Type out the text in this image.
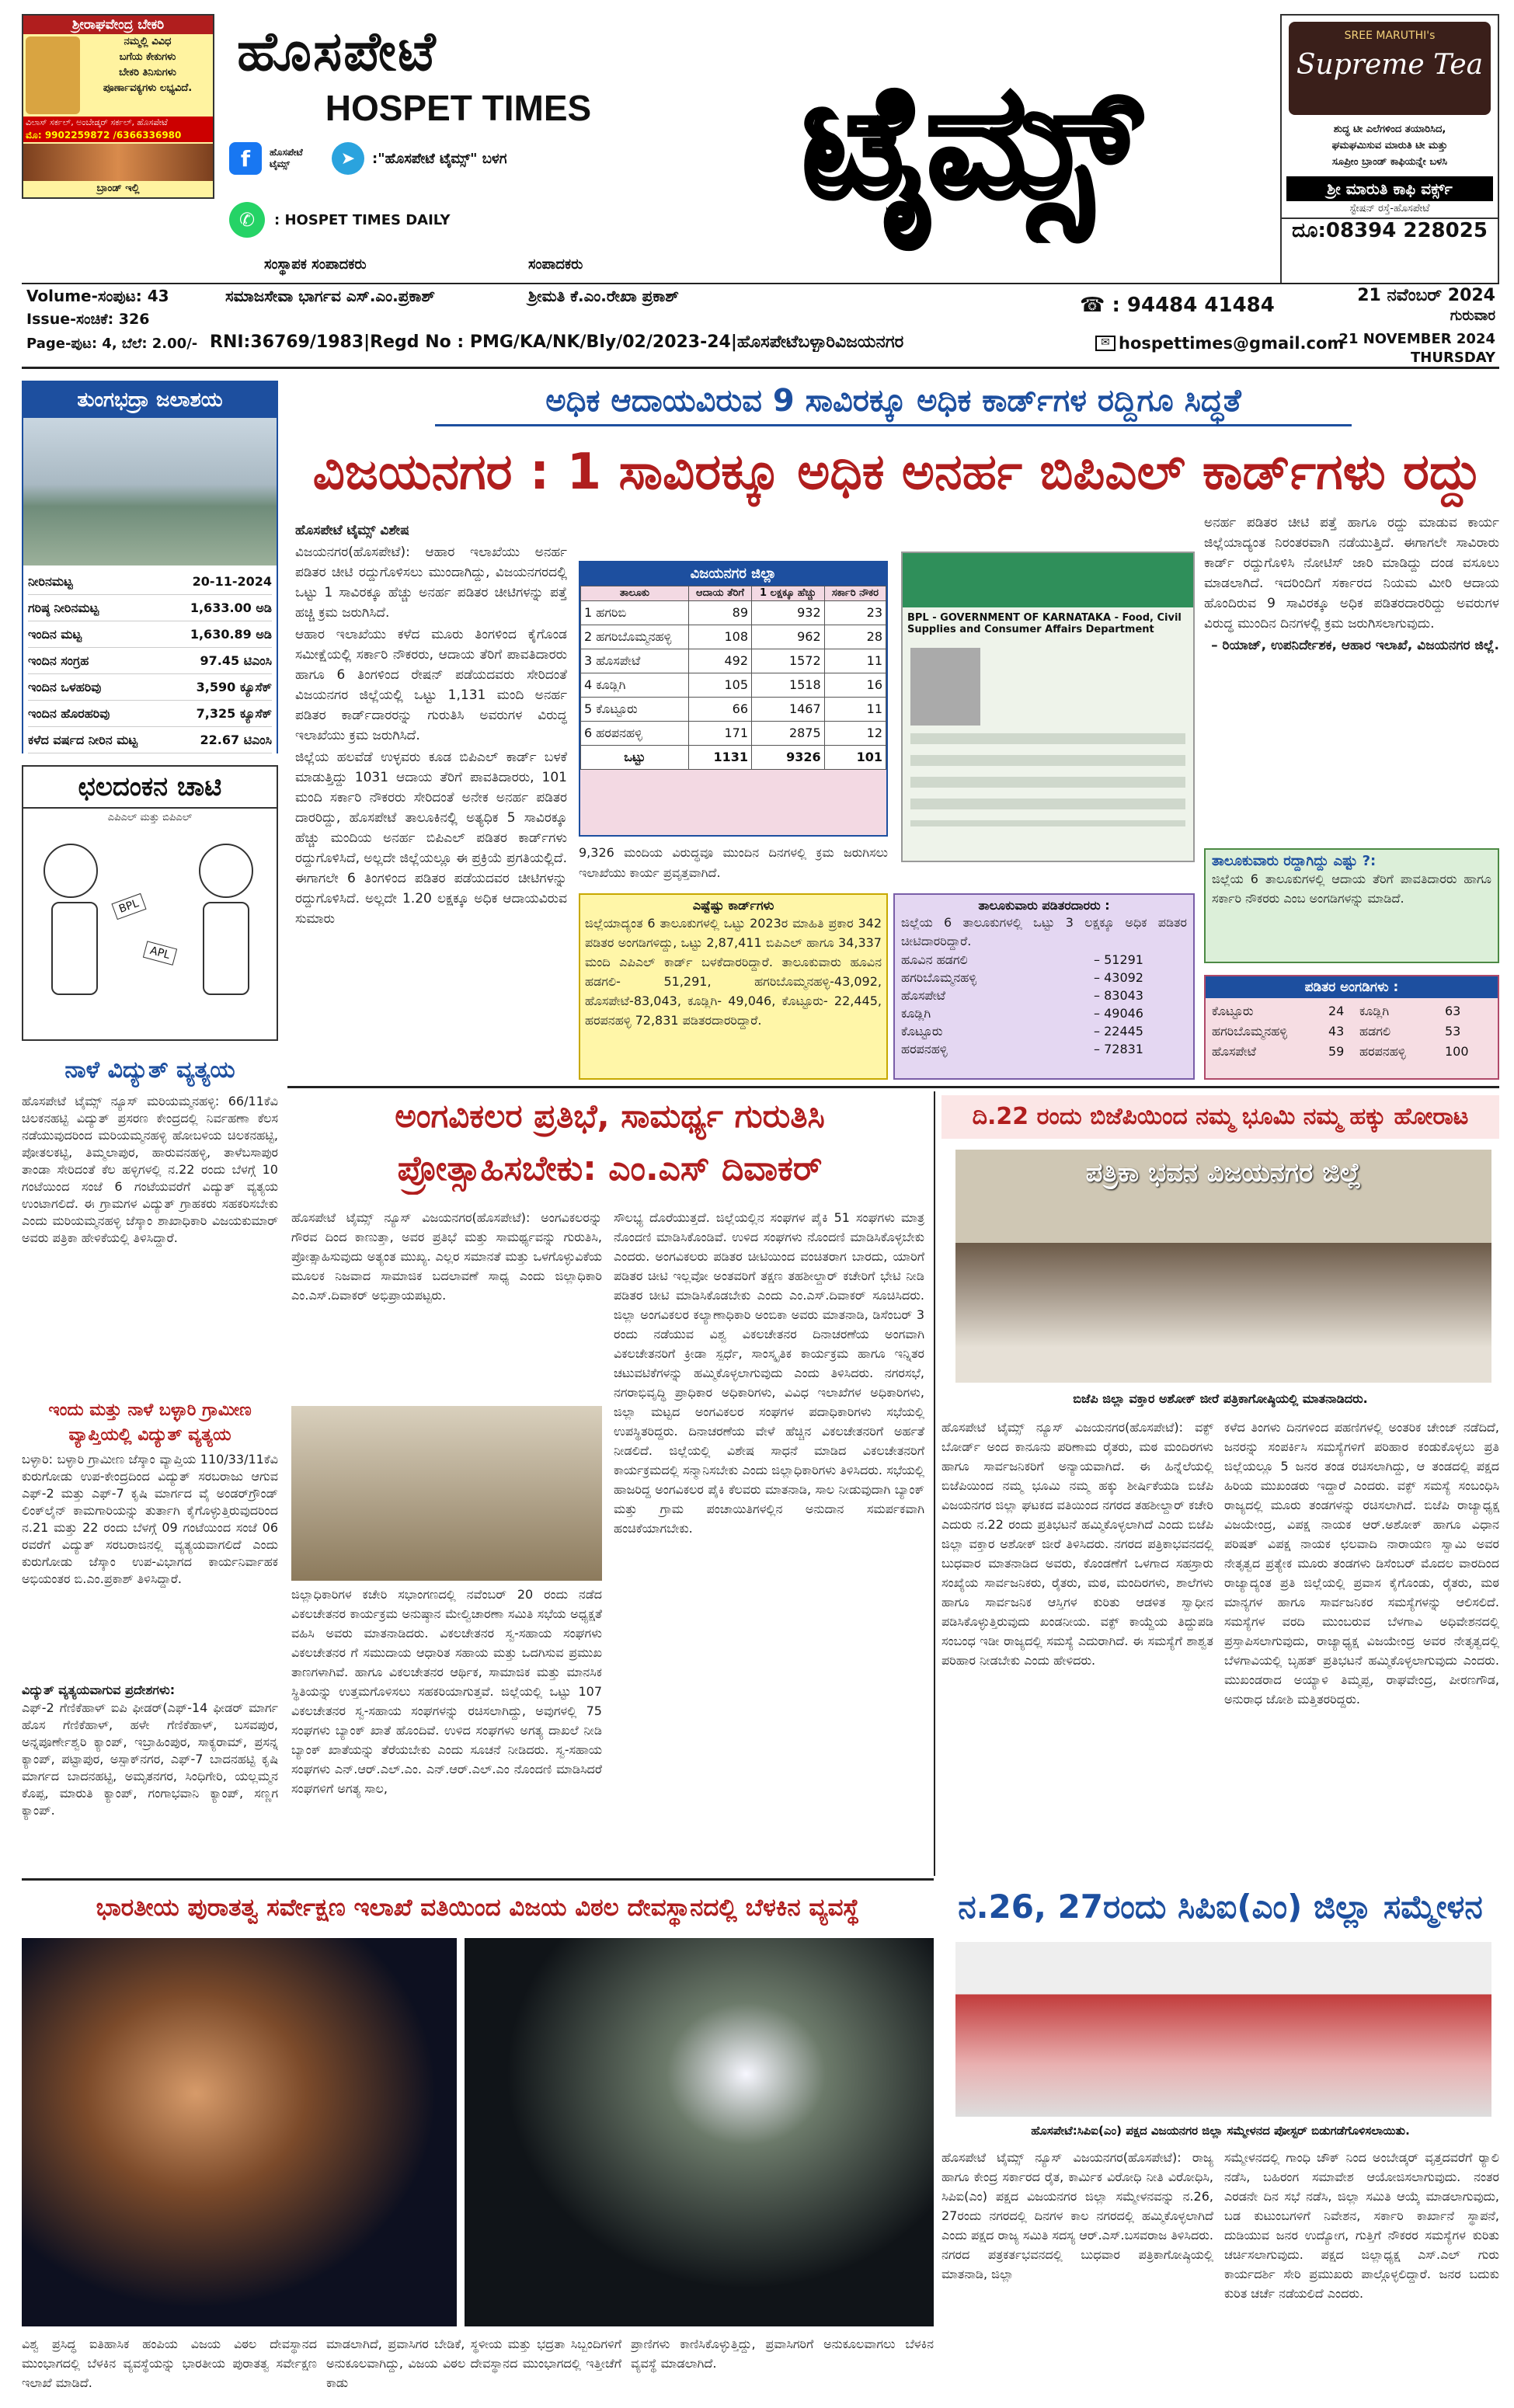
ಶ್ರೀರಾಘವೇಂದ್ರ ಬೇಕರಿ
ನಮ್ಮಲ್ಲಿ ವಿವಿಧ
ಬಗೆಯ ಕೇಕುಗಳು
ಬೇಕರಿ ತಿನಿಸುಗಳು
ಪೂರ್ಣಾವಕ್ಯಗಳು ಲಭ್ಯವಿದೆ.
ವಿಲಾಸ್‌ ಸರ್ಕಲ್, ಅಂಬೇಡ್ಕರ್ ಸರ್ಕಲ್, ಹೊಸಪೇಟೆ
ಮೊ: 9902259872 /6366336980
ಬ್ರಾಂಡ್ ಇಲ್ಲಿ
ಹೊಸಪೇಟೆ
HOSPET TIMES	ಟೈಮ್ಸ್
f	ಹೊಸಪೇಟೆ ಟೈಮ್ಸ್	➤	:"ಹೊಸಪೇಟೆ ಟೈಮ್ಸ್" ಬಳಗ
✆	: HOSPET TIMES DAILY
ಸಂಸ್ಥಾಪಕ ಸಂಪಾದಕರು	ಸಂಪಾದಕರು
SREE MARUTHI's
Supreme Tea
ಶುದ್ಧ ಟೀ ಎಲೆಗಳಿಂದ ತಯಾರಿಸಿದ,
ಘಮಘಮಿಸುವ ಮಾರುತಿ ಟೀ ಮತ್ತು
ಸೂಪ್ರೀಂ ಬ್ರಾಂಡ್ ಕಾಫಿಯನ್ನೇ ಬಳಸಿ
ಶ್ರೀ ಮಾರುತಿ ಕಾಫಿ ವರ್ಕ್ಸ್
ಸ್ಟೇಷನ್ ರಸ್ತೆ-ಹೊಸಪೇಟೆ
ದೂ:08394 228025
Volume-ಸಂಪುಟ: 43	ಸಮಾಜಸೇವಾ ಭಾರ್ಗವ ಎಸ್.ಎಂ.ಪ್ರಕಾಶ್	ಶ್ರೀಮತಿ ಕೆ.ಎಂ.ರೇಖಾ ಪ್ರಕಾಶ್
Issue-ಸಂಚಿಕೆ: 326
☎ : 94484 41484	21 ನವೆಂಬರ್ 2024
ಗುರುವಾರ
Page-ಪುಟ: 4, ಬೆಲೆ: 2.00/- RNI:36769/1983|Regd No : PMG/KA/NK/Bly/02/2023-24|ಹೊಸಪೇಟೆಬಳ್ಳಾರಿವಿಜಯನಗರ	✉ hospettimes@gmail.com
21 NOVEMBER 2024
THURSDAY
ತುಂಗಭದ್ರಾ ಜಲಾಶಯ
ನೀರಿನಮಟ್ಟ	20-11-2024
ಗರಿಷ್ಠ ನೀರಿನಮಟ್ಟ	1,633.00 ಅಡಿ
ಇಂದಿನ ಮಟ್ಟ	1,630.89 ಅಡಿ
ಇಂದಿನ ಸಂಗ್ರಹ	97.45 ಟಿಎಂಸಿ
ಇಂದಿನ ಒಳಹರಿವು	3,590 ಕ್ಯೂಸೆಕ್
ಇಂದಿನ ಹೊರಹರಿವು	7,325 ಕ್ಯೂಸೆಕ್
ಕಳೆದ ವರ್ಷದ ನೀರಿನ ಮಟ್ಟ	22.67 ಟಿಎಂಸಿ
ಛಲದಂಕನ ಚಾಟಿ
ಎಪಿಎಲ್ ಮತ್ತು ಬಿಪಿಎಲ್
BPL
APL
ನಾಳೆ ವಿದ್ಯುತ್ ವ್ಯತ್ಯಯ
ಹೊಸಪೇಟೆ ಟೈಮ್ಸ್ ನ್ಯೂಸ್ ಮರಿಯಮ್ಮನಹಳ್ಳಿ: 66/11ಕೆವಿ ಚಿಲಕನಹಟ್ಟಿ ವಿದ್ಯುತ್ ಪ್ರಸರಣ ಕೇಂದ್ರದಲ್ಲಿ ನಿರ್ವಹಣಾ ಕೆಲಸ ನಡೆಯುವುದರಿಂದ ಮರಿಯಮ್ಮನಹಳ್ಳಿ ಹೋಬಳಿಯ ಚಿಲಕನಹಟ್ಟಿ, ಪೋತಲಕಟ್ಟಿ, ತಿಮ್ಮಲಾಪುರ, ಹಾರುವನಹಳ್ಳಿ, ತಾಳೆಬಸಾಪುರ ತಾಂಡಾ ಸೇರಿದಂತೆ ಕೆಲ ಹಳ್ಳಿಗಳಲ್ಲಿ ನ.22 ರಂದು ಬೆಳಗ್ಗೆ 10 ಗಂಟೆಯಿಂದ ಸಂಜೆ 6 ಗಂಟೆಯವರೆಗೆ ವಿದ್ಯುತ್ ವ್ಯತ್ಯಯ ಉಂಟಾಗಲಿದೆ. ಈ ಗ್ರಾಮಗಳ ವಿದ್ಯುತ್ ಗ್ರಾಹಕರು ಸಹಕರಿಸಬೇಕು ಎಂದು ಮರಿಯಮ್ಮನಹಳ್ಳಿ ಜೆಸ್ಕಾಂ ಶಾಖಾಧಿಕಾರಿ ವಿಜಯಕುಮಾರ್ ಅವರು ಪತ್ರಿಕಾ ಹೇಳಿಕೆಯಲ್ಲಿ ತಿಳಿಸಿದ್ದಾರೆ.
ಇಂದು ಮತ್ತು ನಾಳೆ ಬಳ್ಳಾರಿ ಗ್ರಾಮೀಣ ವ್ಯಾಪ್ತಿಯಲ್ಲಿ ವಿದ್ಯುತ್ ವ್ಯತ್ಯಯ
ಬಳ್ಳಾರಿ: ಬಳ್ಳಾರಿ ಗ್ರಾಮೀಣ ಜೆಸ್ಕಾಂ ವ್ಯಾಪ್ತಿಯ 110/33/11ಕೆವಿ ಕುರುಗೋಡು ಉಪ-ಕೇಂದ್ರದಿಂದ ವಿದ್ಯುತ್ ಸರಬರಾಜು ಆಗುವ ಎಫ್-2 ಮತ್ತು ಎಫ್-7 ಕೃಷಿ ಮಾರ್ಗದ ವೈ ಅಂಡರ್‌ಗ್ರೌಂಡ್ ಲಿಂಕ್‌ಲೈನ್ ಕಾಮಗಾರಿಯನ್ನು ತುರ್ತಾಗಿ ಕೈಗೊಳ್ಳುತ್ತಿರುವುದರಿಂದ ನ.21 ಮತ್ತು 22 ರಂದು ಬೆಳಗ್ಗೆ 09 ಗಂಟೆಯಿಂದ ಸಂಜೆ 06 ರವರೆಗೆ ವಿದ್ಯುತ್ ಸರಬರಾಜಿನಲ್ಲಿ ವ್ಯತ್ಯಯವಾಗಲಿದೆ ಎಂದು ಕುರುಗೋಡು ಜೆಸ್ಕಾಂ ಉಪ-ವಿಭಾಗದ ಕಾರ್ಯನಿರ್ವಾಹಕ ಅಭಿಯಂತರ ಬಿ.ಎಂ.ಪ್ರಕಾಶ್ ತಿಳಿಸಿದ್ದಾರೆ.
ವಿದ್ಯುತ್ ವ್ಯತ್ಯಯವಾಗುವ ಪ್ರದೇಶಗಳು:
ಎಫ್-2 ಗೆಣಿಕೆಹಾಳ್ ಐಪಿ ಫೀಡರ್(ಎಫ್-14 ಫೀಡರ್ ಮಾರ್ಗ ಹೊಸ ಗೆಣಿಕೆಹಾಳ್, ಹಳೇ ಗೆಣಿಕೆಹಾಳ್, ಬಸವಪುರ, ಅನ್ನಪೂರ್ಣೇಶ್ವರಿ ಕ್ಯಾಂಪ್, ಇಬ್ರಾಹಿಂಪುರ, ಸಾಕ್ಯರಾಮ್, ಪ್ರಸನ್ನ ಕ್ಯಾಂಪ್, ಪಟ್ಟಾಪುರ, ಅಸ್ಪಾಕ್‌ನಗರ, ಎಫ್-7 ಬಾದನಹಟ್ಟಿ ಕೃಷಿ ಮಾರ್ಗದ ಬಾದನಹಟ್ಟಿ, ಅಮೃತನಗರ, ಸಿಂಧಿಗೇರಿ, ಯಲ್ಲಮ್ಮನ ಕೊಪ್ಪ, ಮಾರುತಿ ಕ್ಯಾಂಪ್, ಗಂಗಾಭವಾನಿ ಕ್ಯಾಂಪ್, ಸಣ್ಣಗ ಕ್ಯಾಂಪ್.
ಅಧಿಕ ಆದಾಯವಿರುವ 9 ಸಾವಿರಕ್ಕೂ ಅಧಿಕ ಕಾರ್ಡ್‌ಗಳ ರದ್ದಿಗೂ ಸಿದ್ಧತೆ
ವಿಜಯನಗರ : 1 ಸಾವಿರಕ್ಕೂ ಅಧಿಕ ಅನರ್ಹ ಬಿಪಿಎಲ್ ಕಾರ್ಡ್‌ಗಳು ರದ್ದು

ಹೊಸಪೇಟೆ ಟೈಮ್ಸ್ ವಿಶೇಷ

ವಿಜಯನಗರ(ಹೊಸಪೇಟೆ): ಆಹಾರ ಇಲಾಖೆಯು ಅನರ್ಹ ಪಡಿತರ ಚೀಟಿ ರದ್ದುಗೊಳಿಸಲು ಮುಂದಾಗಿದ್ದು, ವಿಜಯನಗರದಲ್ಲಿ ಒಟ್ಟು 1 ಸಾವಿರಕ್ಕೂ ಹೆಚ್ಚು ಅನರ್ಹ ಪಡಿತರ ಚೀಟಿಗಳನ್ನು ಪತ್ತೆ ಹಚ್ಚಿ ಕ್ರಮ ಜರುಗಿಸಿದೆ.

ಆಹಾರ ಇಲಾಖೆಯು ಕಳೆದ ಮೂರು ತಿಂಗಳಿಂದ ಕೈಗೊಂಡ ಸಮೀಕ್ಷೆಯಲ್ಲಿ ಸರ್ಕಾರಿ ನೌಕರರು, ಆದಾಯ ತೆರಿಗೆ ಪಾವತಿದಾರರು ಹಾಗೂ 6 ತಿಂಗಳಿಂದ ರೇಷನ್ ಪಡೆಯದವರು ಸೇರಿದಂತೆ ವಿಜಯನಗರ ಜಿಲ್ಲೆಯಲ್ಲಿ ಒಟ್ಟು 1,131 ಮಂದಿ ಅನರ್ಹ ಪಡಿತರ ಕಾರ್ಡ್‌ದಾರರನ್ನು ಗುರುತಿಸಿ ಅವರುಗಳ ವಿರುದ್ಧ ಇಲಾಖೆಯು ಕ್ರಮ ಜರುಗಿಸಿದೆ.

ಜಿಲ್ಲೆಯ ಹಲವೆಡೆ ಉಳ್ಳವರು ಕೂಡ ಬಿಪಿಎಲ್ ಕಾರ್ಡ್ ಬಳಕೆ ಮಾಡುತ್ತಿದ್ದು 1031 ಆದಾಯ ತೆರಿಗೆ ಪಾವತಿದಾರರು, 101 ಮಂದಿ ಸರ್ಕಾರಿ ನೌಕರರು ಸೇರಿದಂತೆ ಅನೇಕ ಅನರ್ಹ ಪಡಿತರ ದಾರರಿದ್ದು, ಹೊಸಪೇಟೆ ತಾಲೂಕಿನಲ್ಲಿ ಅತ್ಯಧಿಕ 5 ಸಾವಿರಕ್ಕೂ ಹೆಚ್ಚು ಮಂದಿಯ ಅನರ್ಹ ಬಿಪಿಎಲ್ ಪಡಿತರ ಕಾರ್ಡ್‌ಗಳು ರದ್ದುಗೊಳಿಸಿದೆ, ಅಲ್ಲದೇ ಜಿಲ್ಲೆಯಲ್ಲೂ ಈ ಪ್ರಕ್ರಿಯೆ ಪ್ರಗತಿಯಲ್ಲಿದೆ. ಈಗಾಗಲೇ 6 ತಿಂಗಳಿಂದ ಪಡಿತರ ಪಡೆಯದವರ ಚೀಟಿಗಳನ್ನು ರದ್ದುಗೊಳಿಸಿದೆ. ಅಲ್ಲದೇ 1.20 ಲಕ್ಷಕ್ಕೂ ಅಧಿಕ ಆದಾಯವಿರುವ ಸುಮಾರು

ವಿಜಯನಗರ ಜಿಲ್ಲಾ
ತಾಲೂಕು	ಆದಾಯ ತೆರಿಗೆ	1 ಲಕ್ಷಕ್ಕೂ ಹೆಚ್ಚು	ಸರ್ಕಾರಿ ನೌಕರ
1 ಹಗರಿಬಿ	89	932	23
2 ಹಗರಿಬೊಮ್ಮನಹಳ್ಳಿ	108	962	28
3 ಹೊಸಪೇಟೆ	492	1572	11
4 ಕೂಡ್ಲಿಗಿ	105	1518	16
5 ಕೊಟ್ಟೂರು	66	1467	11
6 ಹರಪನಹಳ್ಳಿ	171	2875	12
ಒಟ್ಟು	1131	9326	101
9,326 ಮಂದಿಯ ವಿರುದ್ಧವೂ ಮುಂದಿನ ದಿನಗಳಲ್ಲಿ ಕ್ರಮ ಜರುಗಿಸಲು ಇಲಾಖೆಯು ಕಾರ್ಯ ಪ್ರವೃತ್ತವಾಗಿದೆ.
BPL - GOVERNMENT OF KARNATAKA - Food, Civil Supplies and Consumer Affairs Department

ಅನರ್ಹ ಪಡಿತರ ಚೀಟಿ ಪತ್ತೆ ಹಾಗೂ ರದ್ದು ಮಾಡುವ ಕಾರ್ಯ ಜಿಲ್ಲೆಯಾದ್ಯಂತ ನಿರಂತರವಾಗಿ ನಡೆಯುತ್ತಿದೆ. ಈಗಾಗಲೇ ಸಾವಿರಾರು ಕಾರ್ಡ್ ರದ್ದುಗೊಳಿಸಿ ನೋಟಿಸ್ ಜಾರಿ ಮಾಡಿದ್ದು ದಂಡ ವಸೂಲು ಮಾಡಲಾಗಿದೆ. ಇದರಿಂದಿಗೆ ಸರ್ಕಾರದ ನಿಯಮ ಮೀರಿ ಆದಾಯ ಹೊಂದಿರುವ 9 ಸಾವಿರಕ್ಕೂ ಅಧಿಕ ಪಡಿತರದಾರರಿದ್ದು ಅವರುಗಳ ವಿರುದ್ಧ ಮುಂದಿನ ದಿನಗಳಲ್ಲಿ ಕ್ರಮ ಜರುಗಿಸಲಾಗುವುದು.

– ರಿಯಾಜ್, ಉಪನಿರ್ದೇಶಕ, ಆಹಾರ ಇಲಾಖೆ, ವಿಜಯನಗರ ಜಿಲ್ಲೆ.

ಎಷ್ಟೆಷ್ಟು ಕಾರ್ಡ್‌ಗಳು
ಜಿಲ್ಲೆಯಾದ್ಯಂತ 6 ತಾಲೂಕುಗಳಲ್ಲಿ ಒಟ್ಟು 2023ರ ಮಾಹಿತಿ ಪ್ರಕಾರ 342 ಪಡಿತರ ಅಂಗಡಿಗಳಿದ್ದು, ಒಟ್ಟು 2,87,411 ಬಿಪಿಎಲ್ ಹಾಗೂ 34,337 ಮಂದಿ ಎಪಿಎಲ್ ಕಾರ್ಡ್ ಬಳಕೆದಾರರಿದ್ದಾರೆ. ತಾಲೂಕುವಾರು ಹೂವಿನ ಹಡಗಲಿ- 51,291, ಹಗರಿಬೊಮ್ಮನಹಳ್ಳಿ-43,092, ಹೊಸಪೇಟೆ-83,043, ಕೂಡ್ಲಿಗಿ- 49,046, ಕೊಟ್ಟೂರು- 22,445, ಹರಪನಹಳ್ಳಿ 72,831 ಪಡಿತರದಾರರಿದ್ದಾರೆ.
ತಾಲೂಕುವಾರು ಪಡಿತರದಾರರು :
ಜಿಲ್ಲೆಯ 6 ತಾಲೂಕುಗಳಲ್ಲಿ ಒಟ್ಟು 3 ಲಕ್ಷಕ್ಕೂ ಅಧಿಕ ಪಡಿತರ ಚೀಟಿದಾರರಿದ್ದಾರೆ.
ಹೂವಿನ ಹಡಗಲಿ	– 51291
ಹಗರಿಬೊಮ್ಮನಹಳ್ಳಿ	– 43092
ಹೊಸಪೇಟೆ	– 83043
ಕೂಡ್ಲಿಗಿ	– 49046
ಕೊಟ್ಟೂರು	– 22445
ಹರಪನಹಳ್ಳಿ	– 72831
ತಾಲೂಕುವಾರು ರದ್ದಾಗಿದ್ದು ಎಷ್ಟು ?:
ಜಿಲ್ಲೆಯ 6 ತಾಲೂಕುಗಳಲ್ಲಿ ಆದಾಯ ತೆರಿಗೆ ಪಾವತಿದಾರರು ಹಾಗೂ ಸರ್ಕಾರಿ ನೌಕರರು ಎಂಬ ಅಂಗಡಿಗಳನ್ನು ಮಾಡಿದೆ.
ಪಡಿತರ ಅಂಗಡಿಗಳು :
ಕೊಟ್ಟೂರು	24	ಕೂಡ್ಲಿಗಿ	63
ಹಗರಿಬೊಮ್ಮನಹಳ್ಳಿ	43	ಹಡಗಲಿ	53
ಹೊಸಪೇಟೆ	59	ಹರಪನಹಳ್ಳಿ	100
ಅಂಗವಿಕಲರ ಪ್ರತಿಭೆ, ಸಾಮರ್ಥ್ಯ ಗುರುತಿಸಿ
ಪ್ರೋತ್ಸಾಹಿಸಬೇಕು: ಎಂ.ಎಸ್ ದಿವಾಕರ್
ಹೊಸಪೇಟೆ ಟೈಮ್ಸ್ ನ್ಯೂಸ್ ವಿಜಯನಗರ(ಹೊಸಪೇಟೆ): ಅಂಗವಿಕಲರನ್ನು ಗೌರವ ದಿಂದ ಕಾಣುತ್ತಾ, ಅವರ ಪ್ರತಿಭೆ ಮತ್ತು ಸಾಮರ್ಥ್ಯವನ್ನು ಗುರುತಿಸಿ, ಪ್ರೋತ್ಸಾಹಿಸುವುದು ಅತ್ಯಂತ ಮುಖ್ಯ. ಎಲ್ಲರ ಸಮಾನತೆ ಮತ್ತು ಒಳಗೊಳ್ಳುವಿಕೆಯ ಮೂಲಕ ನಿಜವಾದ ಸಾಮಾಜಿಕ ಬದಲಾವಣೆ ಸಾಧ್ಯ ಎಂದು ಜಿಲ್ಲಾಧಿಕಾರಿ ಎಂ.ಎಸ್.ದಿವಾಕರ್ ಅಭಿಪ್ರಾಯಪಟ್ಟರು.
ಜಿಲ್ಲಾಧಿಕಾರಿಗಳ ಕಚೇರಿ ಸಭಾಂಗಣದಲ್ಲಿ ನವೆಂಬರ್ 20 ರಂದು ನಡೆದ ವಿಕಲಚೇತನರ ಕಾರ್ಯಕ್ರಮ ಅನುಷ್ಠಾನ ಮೇಲ್ವಿಚಾರಣಾ ಸಮಿತಿ ಸಭೆಯ ಅಧ್ಯಕ್ಷತೆ ವಹಿಸಿ ಅವರು ಮಾತನಾಡಿದರು. ವಿಕಲಚೇತನರ ಸ್ವ-ಸಹಾಯ ಸಂಘಗಳು ವಿಕಲಚೇತನರ ಗೆ ಸಮುದಾಯ ಆಧಾರಿತ ಸಹಾಯ ಮತ್ತು ಒದಗಿಸುವ ಪ್ರಮುಖ ತಾಣಗಳಾಗಿವೆ. ಹಾಗೂ ವಿಕಲಚೇತನರ ಆರ್ಥಿಕ, ಸಾಮಾಜಿಕ ಮತ್ತು ಮಾನಸಿಕ ಸ್ಥಿತಿಯನ್ನು ಉತ್ತಮಗೊಳಿಸಲು ಸಹಕರಿಯಾಗುತ್ತವೆ. ಜಿಲ್ಲೆಯಲ್ಲಿ ಒಟ್ಟು 107 ವಿಕಲಚೇತನರ ಸ್ವ-ಸಹಾಯ ಸಂಘಗಳನ್ನು ರಚಿಸಲಾಗಿದ್ದು, ಅವುಗಳಲ್ಲಿ 75 ಸಂಘಗಳು ಬ್ಯಾಂಕ್ ಖಾತೆ ಹೊಂದಿವೆ. ಉಳಿದ ಸಂಘಗಳು ಅಗತ್ಯ ದಾಖಲೆ ನೀಡಿ ಬ್ಯಾಂಕ್ ಖಾತೆಯನ್ನು ತೆರೆಯಬೇಕು ಎಂದು ಸೂಚನೆ ನೀಡಿದರು. ಸ್ವ-ಸಹಾಯ ಸಂಘಗಳು ಎನ್.ಆರ್.ಎಲ್.ಎಂ. ಎನ್.ಆರ್.ಎಲ್.ಎಂ ನೊಂದಣಿ ಮಾಡಿಸಿದರೆ ಸಂಘಗಳಿಗೆ ಅಗತ್ಯ ಸಾಲ,
ಸೌಲಭ್ಯ ದೊರೆಯುತ್ತದೆ. ಜಿಲ್ಲೆಯಲ್ಲಿನ ಸಂಘಗಳ ಪೈಕಿ 51 ಸಂಘಗಳು ಮಾತ್ರ ನೊಂದಣಿ ಮಾಡಿಸಿಕೊಂಡಿವೆ. ಉಳಿದ ಸಂಘಗಳು ನೊಂದಣಿ ಮಾಡಿಸಿಕೊಳ್ಳಬೇಕು ಎಂದರು. ಅಂಗವಿಕಲರು ಪಡಿತರ ಚೀಟಿಯಿಂದ ವಂಚಿತರಾಗ ಬಾರದು, ಯಾರಿಗೆ ಪಡಿತರ ಚೀಟಿ ಇಲ್ಲವೋ ಅಂತವರಿಗೆ ತಕ್ಷಣ ತಹಶೀಲ್ದಾರ್ ಕಚೇರಿಗೆ ಭೇಟಿ ನೀಡಿ ಪಡಿತರ ಚೀಟಿ ಮಾಡಿಸಿಕೊಡಬೇಕು ಎಂದು ಎಂ.ಎಸ್.ದಿವಾಕರ್ ಸೂಚಿಸಿದರು. ಜಿಲ್ಲಾ ಅಂಗವಿಕಲರ ಕಲ್ಯಾಣಾಧಿಕಾರಿ ಅಂಬಿಕಾ ಅವರು ಮಾತನಾಡಿ, ಡಿಸೆಂಬರ್ 3 ರಂದು ನಡೆಯುವ ವಿಶ್ವ ವಿಕಲಚೇತನರ ದಿನಾಚರಣೆಯ ಅಂಗವಾಗಿ ವಿಕಲಚೇತನರಿಗೆ ಕ್ರೀಡಾ ಸ್ಪರ್ಧೆ, ಸಾಂಸ್ಕೃತಿಕ ಕಾರ್ಯಕ್ರಮ ಹಾಗೂ ಇನ್ನಿತರ ಚಟುವಟಿಕೆಗಳನ್ನು ಹಮ್ಮಿಕೊಳ್ಳಲಾಗುವುದು ಎಂದು ತಿಳಿಸಿದರು. ನಗರಸಭೆ, ನಗರಾಭಿವೃದ್ಧಿ ಪ್ರಾಧಿಕಾರ ಅಧಿಕಾರಿಗಳು, ವಿವಿಧ ಇಲಾಖೆಗಳ ಅಧಿಕಾರಿಗಳು, ಜಿಲ್ಲಾ ಮಟ್ಟದ ಅಂಗವಿಕಲರ ಸಂಘಗಳ ಪದಾಧಿಕಾರಿಗಳು ಸಭೆಯಲ್ಲಿ ಉಪಸ್ಥಿತರಿದ್ದರು. ದಿನಾಚರಣೆಯ ವೇಳೆ ಹೆಚ್ಚಿನ ವಿಕಲಚೇತನರಿಗೆ ಅರ್ಹತೆ ನೀಡಲಿದೆ. ಜಿಲ್ಲೆಯಲ್ಲಿ ವಿಶೇಷ ಸಾಧನೆ ಮಾಡಿದ ವಿಕಲಚೇತನರಿಗೆ ಕಾರ್ಯಕ್ರಮದಲ್ಲಿ ಸನ್ಮಾನಿಸಬೇಕು ಎಂದು ಜಿಲ್ಲಾಧಿಕಾರಿಗಳು ತಿಳಿಸಿದರು. ಸಭೆಯಲ್ಲಿ ಹಾಜರಿದ್ದ ಅಂಗವಿಕಲರ ಪೈಕಿ ಕೆಲವರು ಮಾತನಾಡಿ, ಸಾಲ ನೀಡುವುದಾಗಿ ಬ್ಯಾಂಕ್ ಮತ್ತು ಗ್ರಾಮ ಪಂಚಾಯಿತಿಗಳಲ್ಲಿನ ಅನುದಾನ ಸಮರ್ಪಕವಾಗಿ ಹಂಚಿಕೆಯಾಗಬೇಕು.
ದಿ.22 ರಂದು ಬಿಜೆಪಿಯಿಂದ ನಮ್ಮ ಭೂಮಿ ನಮ್ಮ ಹಕ್ಕು ಹೋರಾಟ
ಪತ್ರಿಕಾ ಭವನ ವಿಜಯನಗರ ಜಿಲ್ಲೆ
ಬಿಜೆಪಿ ಜಿಲ್ಲಾ ವಕ್ತಾರ ಅಶೋಕ್ ಜೀರೆ ಪತ್ರಿಕಾಗೋಷ್ಠಿಯಲ್ಲಿ ಮಾತನಾಡಿದರು.
ಹೊಸಪೇಟೆ ಟೈಮ್ಸ್ ನ್ಯೂಸ್ ವಿಜಯನಗರ(ಹೊಸಪೇಟೆ): ವಕ್ಫ್ ಬೋರ್ಡ್ ಅಂದ ಕಾನೂನು ಪರಿಣಾಮ ರೈತರು, ಮಠ ಮಂದಿರಗಳು ಹಾಗೂ ಸಾರ್ವಜನಿಕರಿಗೆ ಅನ್ಯಾಯವಾಗಿದೆ. ಈ ಹಿನ್ನೆಲೆಯಲ್ಲಿ ಬಿಜೆಪಿಯಿಂದ ನಮ್ಮ ಭೂಮಿ ನಮ್ಮ ಹಕ್ಕು ಶೀರ್ಷಿಕೆಯಡಿ ಬಿಜೆಪಿ ವಿಜಯನಗರ ಜಿಲ್ಲಾ ಘಟಕದ ವತಿಯಿಂದ ನಗರದ ತಹಶೀಲ್ದಾರ್ ಕಚೇರಿ ಎದುರು ನ.22 ರಂದು ಪ್ರತಿಭಟನೆ ಹಮ್ಮಿಕೊಳ್ಳಲಾಗಿದೆ ಎಂದು ಬಿಜೆಪಿ ಜಿಲ್ಲಾ ವಕ್ತಾರ ಅಶೋಕ್ ಜೀರೆ ತಿಳಿಸಿದರು. ನಗರದ ಪತ್ರಿಕಾಭವನದಲ್ಲಿ ಬುಧವಾರ ಮಾತನಾಡಿದ ಅವರು, ಕೊಂಡಣೆಗೆ ಒಳಗಾದ ಸಹಸ್ರಾರು ಸಂಖ್ಯೆಯ ಸಾರ್ವಜನಿಕರು, ರೈತರು, ಮಠ, ಮಂದಿರಗಳು, ಶಾಲೆಗಳು ಹಾಗೂ ಸಾರ್ವಜನಿಕ ಆಸ್ತಿಗಳ ಕುರಿತು ಆಡಳಿತ ಸ್ವಾಧೀನ ಪಡಿಸಿಕೊಳ್ಳುತ್ತಿರುವುದು ಖಂಡನೀಯ. ವಕ್ಫ್ ಕಾಯ್ದೆಯ ತಿದ್ದುಪಡಿ ಸಂಬಂಧ ಇಡೀ ರಾಜ್ಯದಲ್ಲಿ ಸಮಸ್ಯೆ ಎದುರಾಗಿದೆ. ಈ ಸಮಸ್ಯೆಗೆ ಶಾಶ್ವತ ಪರಿಹಾರ ನೀಡಬೇಕು ಎಂದು ಹೇಳಿದರು.
ಕಳೆದ ತಿಂಗಳು ದಿನಗಳಿಂದ ಪಹಣಿಗಳಲ್ಲಿ ಅಂತರಿಕ ಚೇಂಜ್ ನಡೆದಿದೆ, ಜನರನ್ನು ಸಂಪರ್ಕಿಸಿ ಸಮಸ್ಯೆಗಳಿಗೆ ಪರಿಹಾರ ಕಂಡುಕೊಳ್ಳಲು ಪ್ರತಿ ಜಿಲ್ಲೆಯಲ್ಲೂ 5 ಜನರ ತಂಡ ರಚಿಸಲಾಗಿದ್ದು, ಆ ತಂಡದಲ್ಲಿ ಪಕ್ಷದ ಹಿರಿಯ ಮುಖಂಡರು ಇದ್ದಾರೆ ಎಂದರು. ವಕ್ಫ್ ಸಮಸ್ಯೆ ಸಂಬಂಧಿಸಿ ರಾಜ್ಯದಲ್ಲಿ ಮೂರು ತಂಡಗಳನ್ನು ರಚಿಸಲಾಗಿದೆ. ಬಿಜೆಪಿ ರಾಜ್ಯಾಧ್ಯಕ್ಷ ವಿಜಯೇಂದ್ರ, ವಿಪಕ್ಷ ನಾಯಕ ಆರ್.ಅಶೋಕ್ ಹಾಗೂ ವಿಧಾನ ಪರಿಷತ್ ವಿಪಕ್ಷ ನಾಯಕ ಛಲವಾದಿ ನಾರಾಯಣ ಸ್ವಾಮಿ ಅವರ ನೇತೃತ್ವದ ಪ್ರತ್ಯೇಕ ಮೂರು ತಂಡಗಳು ಡಿಸೆಂಬರ್ ಮೊದಲ ವಾರದಿಂದ ರಾಜ್ಯಾದ್ಯಂತ ಪ್ರತಿ ಜಿಲ್ಲೆಯಲ್ಲಿ ಪ್ರವಾಸ ಕೈಗೊಂಡು, ರೈತರು, ಮಠ ಮಾನ್ಯಗಳ ಹಾಗೂ ಸಾರ್ವಜನಿಕರ ಸಮಸ್ಯೆಗಳನ್ನು ಆಲಿಸಲಿದೆ. ಸಮಸ್ಯೆಗಳ ವರದಿ ಮುಂಬರುವ ಬೆಳಗಾವಿ ಅಧಿವೇಶನದಲ್ಲಿ ಪ್ರಸ್ತಾಪಿಸಲಾಗುವುದು, ರಾಜ್ಯಾಧ್ಯಕ್ಷ ವಿಜಯೇಂದ್ರ ಅವರ ನೇತೃತ್ವದಲ್ಲಿ ಬೆಳಗಾವಿಯಲ್ಲಿ ಬೃಹತ್ ಪ್ರತಿಭಟನೆ ಹಮ್ಮಿಕೊಳ್ಳಲಾಗುವುದು ಎಂದರು. ಮುಖಂಡರಾದ ಅಯ್ಯಾಳಿ ತಿಮ್ಮಪ್ಪ, ರಾಘವೇಂದ್ರ, ಪೀರಣಗೌಡ, ಅನುರಾಧ ಜೋಶಿ ಮತ್ತಿತರರಿದ್ದರು.
ನ.26, 27ರಂದು ಸಿಪಿಐ(ಎಂ) ಜಿಲ್ಲಾ ಸಮ್ಮೇಳನ
ಹೊಸಪೇಟೆ:ಸಿಪಿಐ(ಎಂ) ಪಕ್ಷದ ವಿಜಯನಗರ ಜಿಲ್ಲಾ ಸಮ್ಮೇಳನದ ಪೋಸ್ಟರ್ ಬಿಡುಗಡೆಗೊಳಿಸಲಾಯಿತು.
ಹೊಸಪೇಟೆ ಟೈಮ್ಸ್ ನ್ಯೂಸ್ ವಿಜಯನಗರ(ಹೊಸಪೇಟೆ): ರಾಜ್ಯ ಹಾಗೂ ಕೇಂದ್ರ ಸರ್ಕಾರದ ರೈತ, ಕಾರ್ಮಿಕ ವಿರೋಧಿ ನೀತಿ ವಿರೋಧಿಸಿ, ಸಿಪಿಐ(ಎಂ) ಪಕ್ಷದ ವಿಜಯನಗರ ಜಿಲ್ಲಾ ಸಮ್ಮೇಳನವನ್ನು ನ.26, 27ರಂದು ನಗರದಲ್ಲಿ ದಿನಗಳ ಕಾಲ ನಗರದಲ್ಲಿ ಹಮ್ಮಿಕೊಳ್ಳಲಾಗಿದೆ ಎಂದು ಪಕ್ಷದ ರಾಜ್ಯ ಸಮಿತಿ ಸದಸ್ಯ ಆರ್.ಎಸ್.ಬಸವರಾಜ ತಿಳಿಸಿದರು. ನಗರದ ಪತ್ರಕರ್ತಭವನದಲ್ಲಿ ಬುಧವಾರ ಪತ್ರಿಕಾಗೋಷ್ಠಿಯಲ್ಲಿ ಮಾತನಾಡಿ, ಜಿಲ್ಲಾ
ಸಮ್ಮೇಳನದಲ್ಲಿ ಗಾಂಧಿ ಚೌಕ್ ನಿಂದ ಅಂಬೇಡ್ಕರ್ ವೃತ್ತದವರೆಗೆ ರ್‍ಯಾಲಿ ನಡೆಸಿ, ಬಹಿರಂಗ ಸಮಾವೇಶ ಆಯೋಜಿಸಲಾಗುವುದು. ನಂತರ ಎರಡನೇ ದಿನ ಸಭೆ ನಡೆಸಿ, ಜಿಲ್ಲಾ ಸಮಿತಿ ಆಯ್ಕೆ ಮಾಡಲಾಗುವುದು, ಬಡ ಕುಟುಂಬಗಳಿಗೆ ನಿವೇಶನ, ಸರ್ಕಾರಿ ಕಾರ್ಖಾನೆ ಸ್ಥಾಪನೆ, ದುಡಿಯುವ ಜನರ ಉದ್ಯೋಗ, ಗುತ್ತಿಗೆ ನೌಕರರ ಸಮಸ್ಯೆಗಳ ಕುರಿತು ಚರ್ಚಿಸಲಾಗುವುದು. ಪಕ್ಷದ ಜಿಲ್ಲಾಧ್ಯಕ್ಷ ಎಸ್.ಎಲ್ ಗುರು ಕಾರ್ಯದರ್ಶಿ ಸೇರಿ ಪ್ರಮುಖರು ಪಾಲ್ಗೊಳ್ಳಲಿದ್ದಾರೆ. ಜನರ ಬದುಕು ಕುರಿತ ಚರ್ಚೆ ನಡೆಯಲಿದೆ ಎಂದರು.
ಭಾರತೀಯ ಪುರಾತತ್ವ ಸರ್ವೇಕ್ಷಣ ಇಲಾಖೆ ವತಿಯಿಂದ ವಿಜಯ ವಿಠಲ ದೇವಸ್ಥಾನದಲ್ಲಿ ಬೆಳಕಿನ ವ್ಯವಸ್ಥೆ
ವಿಶ್ವ ಪ್ರಸಿದ್ಧ ಐತಿಹಾಸಿಕ ಹಂಪಿಯ ವಿಜಯ ವಿಠಲ ದೇವಸ್ಥಾನದ ಮುಂಭಾಗದಲ್ಲಿ ಬೆಳಕಿನ ವ್ಯವಸ್ಥೆಯನ್ನು ಭಾರತೀಯ ಪುರಾತತ್ವ ಸರ್ವೇಕ್ಷಣ ಇಲಾಖೆ ಮಾಡಿದೆ.
ಮಾಡಲಾಗಿದೆ, ಪ್ರವಾಸಿಗರ ಬೇಡಿಕೆ, ಸ್ಥಳೀಯ ಮತ್ತು ಭದ್ರತಾ ಸಿಬ್ಬಂದಿಗಳಿಗೆ ಅನುಕೂಲವಾಗಿದ್ದು, ವಿಜಯ ವಿಠಲ ದೇವಸ್ಥಾನದ ಮುಂಭಾಗದಲ್ಲಿ ಇತ್ತೀಚೆಗೆ ಕಾಡು
ಪ್ರಾಣಿಗಳು ಕಾಣಿಸಿಕೊಳ್ಳುತ್ತಿದ್ದು, ಪ್ರವಾಸಿಗರಿಗೆ ಅನುಕೂಲವಾಗಲು ಬೆಳಕಿನ ವ್ಯವಸ್ಥೆ ಮಾಡಲಾಗಿದೆ.
